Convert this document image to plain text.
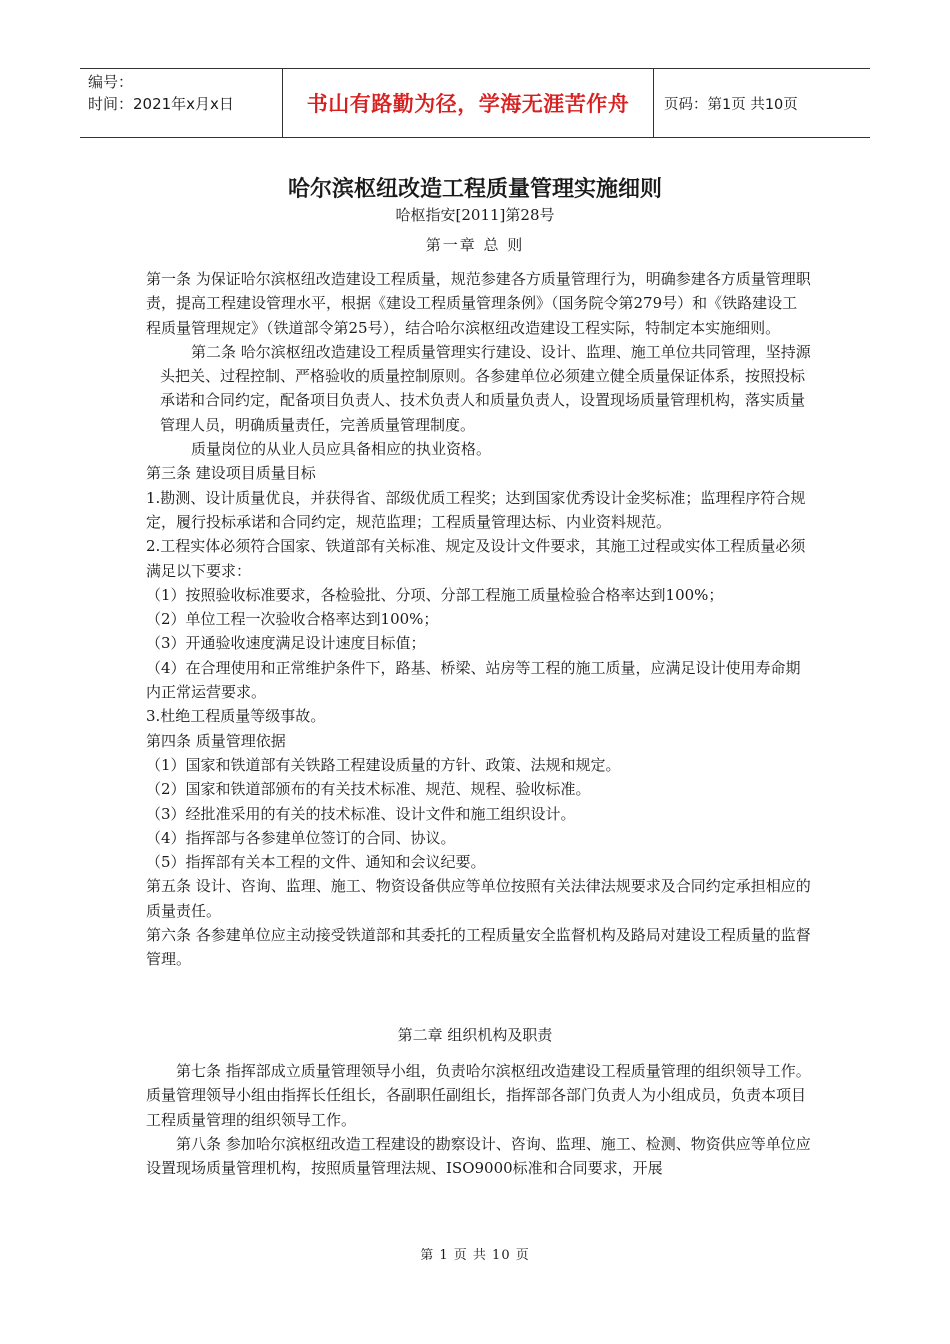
编号：
时间：2021年x月x日	书山有路勤为径，学海无涯苦作舟	页码：第1页 共10页
哈尔滨枢纽改造工程质量管理实施细则
哈枢指安[2011]第28号
第一章 总 则

第一条 为保证哈尔滨枢纽改造建设工程质量，规范参建各方质量管理行为，明确参建各方质量管理职责，提高工程建设管理水平，根据《建设工程质量管理条例》（国务院令第279号）和《铁路建设工程质量管理规定》（铁道部令第25号），结合哈尔滨枢纽改造建设工程实际，特制定本实施细则。

第二条 哈尔滨枢纽改造建设工程质量管理实行建设、设计、监理、施工单位共同管理，坚持源头把关、过程控制、严格验收的质量控制原则。各参建单位必须建立健全质量保证体系，按照投标承诺和合同约定，配备项目负责人、技术负责人和质量负责人，设置现场质量管理机构，落实质量管理人员，明确质量责任，完善质量管理制度。

质量岗位的从业人员应具备相应的执业资格。

第三条 建设项目质量目标

1.勘测、设计质量优良，并获得省、部级优质工程奖；达到国家优秀设计金奖标准；监理程序符合规定，履行投标承诺和合同约定，规范监理；工程质量管理达标、内业资料规范。

2.工程实体必须符合国家、铁道部有关标准、规定及设计文件要求，其施工过程或实体工程质量必须满足以下要求：

（1）按照验收标准要求，各检验批、分项、分部工程施工质量检验合格率达到100%；

（2）单位工程一次验收合格率达到100%；

（3）开通验收速度满足设计速度目标值；

（4）在合理使用和正常维护条件下，路基、桥梁、站房等工程的施工质量，应满足设计使用寿命期内正常运营要求。

3.杜绝工程质量等级事故。

第四条 质量管理依据

（1）国家和铁道部有关铁路工程建设质量的方针、政策、法规和规定。

（2）国家和铁道部颁布的有关技术标准、规范、规程、验收标准。

（3）经批准采用的有关的技术标准、设计文件和施工组织设计。

（4）指挥部与各参建单位签订的合同、协议。

（5）指挥部有关本工程的文件、通知和会议纪要。

第五条 设计、咨询、监理、施工、物资设备供应等单位按照有关法律法规要求及合同约定承担相应的质量责任。

第六条 各参建单位应主动接受铁道部和其委托的工程质量安全监督机构及路局对建设工程质量的监督管理。

第二章 组织机构及职责

第七条 指挥部成立质量管理领导小组，负责哈尔滨枢纽改造建设工程质量管理的组织领导工作。质量管理领导小组由指挥长任组长，各副职任副组长，指挥部各部门负责人为小组成员，负责本项目工程质量管理的组织领导工作。

第八条 参加哈尔滨枢纽改造工程建设的勘察设计、咨询、监理、施工、检测、物资供应等单位应设置现场质量管理机构，按照质量管理法规、ISO9000标准和合同要求，开展

第 1 页 共 10 页
